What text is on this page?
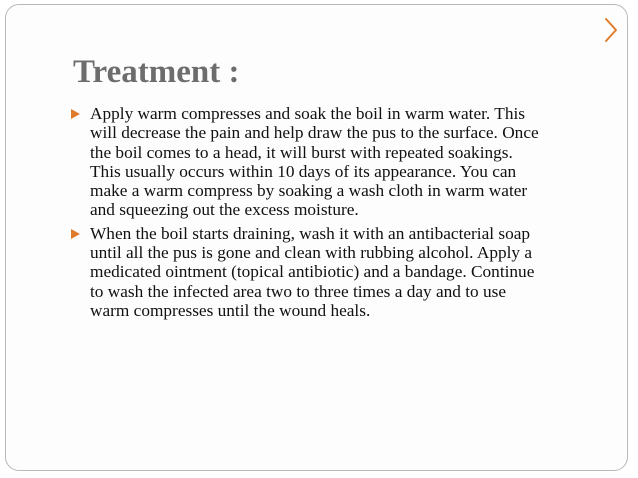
Treatment :
Apply warm compresses and soak the boil in warm water. This
will decrease the pain and help draw the pus to the surface. Once
the boil comes to a head, it will burst with repeated soakings.
This usually occurs within 10 days of its appearance. You can
make a warm compress by soaking a wash cloth in warm water
and squeezing out the excess moisture.
When the boil starts draining, wash it with an antibacterial soap
until all the pus is gone and clean with rubbing alcohol. Apply a
medicated ointment (topical antibiotic) and a bandage. Continue
to wash the infected area two to three times a day and to use
warm compresses until the wound heals.
